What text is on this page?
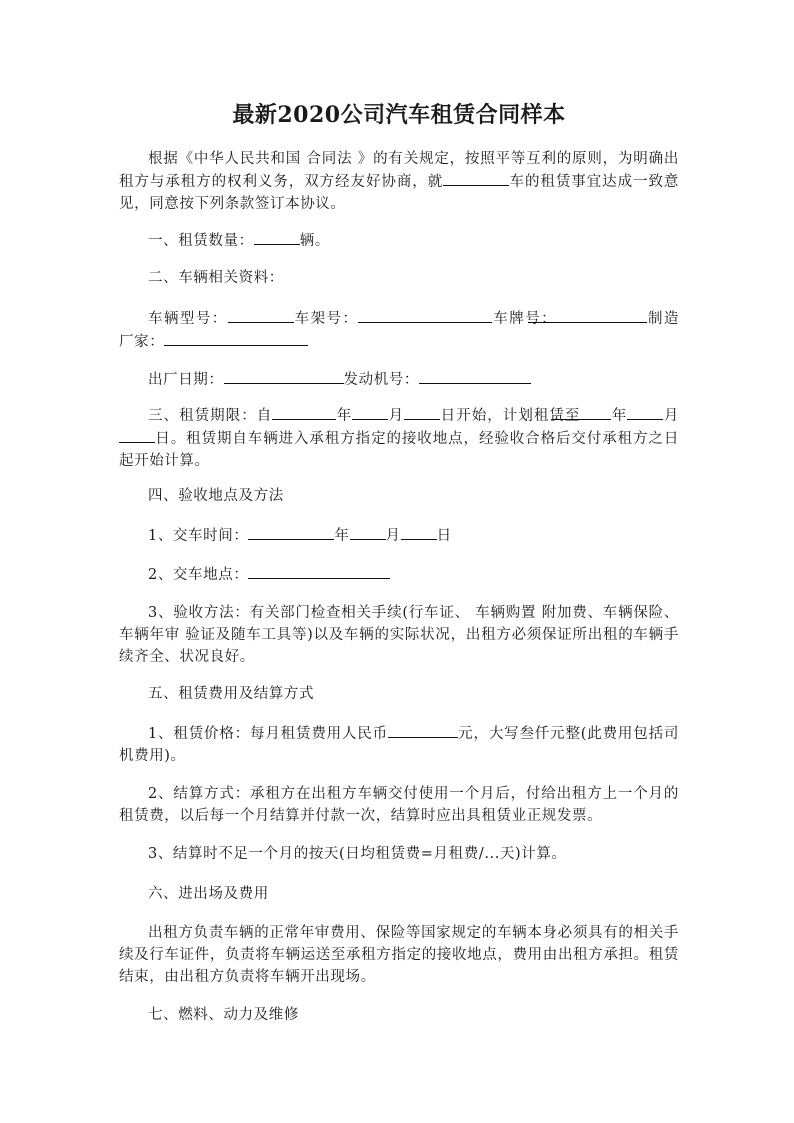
最新2020公司汽车租赁合同样本
根据《中华人民共和国 合同法 》的有关规定，按照平等互利的原则，为明确出租方与承租方的权利义务，双方经友好协商，就	车的租赁事宜达成一致意见，同意按下列条款签订本协议。
一、租赁数量：	辆。
二、车辆相关资料：
车辆型号：	车架号：	车牌号：	制造厂家：
出厂日期：	发动机号：
三、租赁期限：自	年 月 日开始，计划租赁至 年 月日。租赁期自车辆进入承租方指定的接收地点，经验收合格后交付承租方之日起开始计算。
四、验收地点及方法
1、交车时间：	年 月 日
2、交车地点：
3、验收方法：有关部门检查相关手续(行车证、 车辆购置 附加费、车辆保险、 车辆年审 验证及随车工具等)以及车辆的实际状况，出租方必须保证所出租的车辆手续齐全、状况良好。
五、租赁费用及结算方式
1、租赁价格：每月租赁费用人民币	元，大写叁仟元整(此费用包括司机费用)。
2、结算方式：承租方在出租方车辆交付使用一个月后，付给出租方上一个月的租赁费，以后每一个月结算并付款一次，结算时应出具租赁业正规发票。
3、结算时不足一个月的按天(日均租赁费=月租费/...天)计算。
六、进出场及费用
出租方负责车辆的正常年审费用、保险等国家规定的车辆本身必须具有的相关手续及行车证件，负责将车辆运送至承租方指定的接收地点，费用由出租方承担。租赁结束，由出租方负责将车辆开出现场。
七、燃料、动力及维修
